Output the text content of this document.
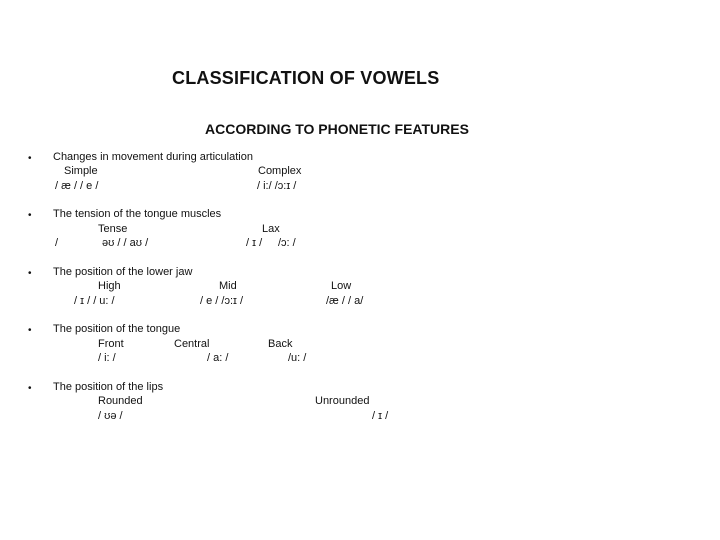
CLASSIFICATION OF VOWELS
ACCORDING TO PHONETIC FEATURES
• Changes in movement during articulation
Simple	Complex
/ æ / / e /	/ i:/ /ɔ:ɪ /
• The tension of the tongue muscles
Tense	Lax
/	əʊ / / aʊ /	/ ɪ / /ɔ: /
• The position of the lower jaw
High	Mid	Low
/ ɪ / / u: /	/ e / /ɔ:ɪ /	/æ / / a/
• The position of the tongue
Front	Central	Back
/ i: /	/ a: /	/u: /
• The position of the lips
Rounded	Unrounded
/ ʊə /	/ ɪ /
